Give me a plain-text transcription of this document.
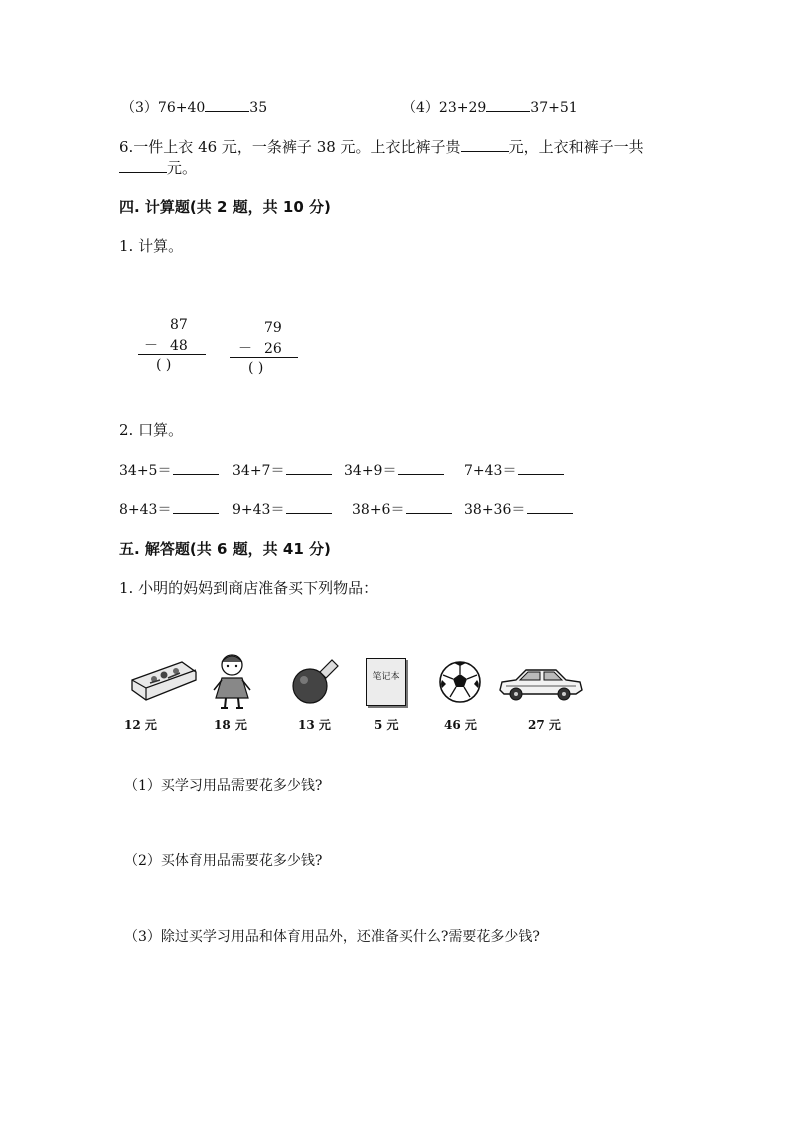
（3）76+40	35	（4）23+29	37+51
6.一件上衣 46 元，一条裤子 38 元。上衣比裤子贵	元，上衣和裤子一共
元。
四. 计算题(共 2 题，共 10 分)
1. 计算。
87
－ 48
( )
79
－ 26
( )
2. 口算。
34+5＝	34+7＝	34+9＝	7+43＝
8+43＝	9+43＝	38+6＝	38+36＝
五. 解答题(共 6 题，共 41 分)
1. 小明的妈妈到商店准备买下列物品：
12 元	18 元	13 元
笔记本
5 元	46 元	27 元
（1）买学习用品需要花多少钱?
（2）买体育用品需要花多少钱?
（3）除过买学习用品和体育用品外，还准备买什么?需要花多少钱?
